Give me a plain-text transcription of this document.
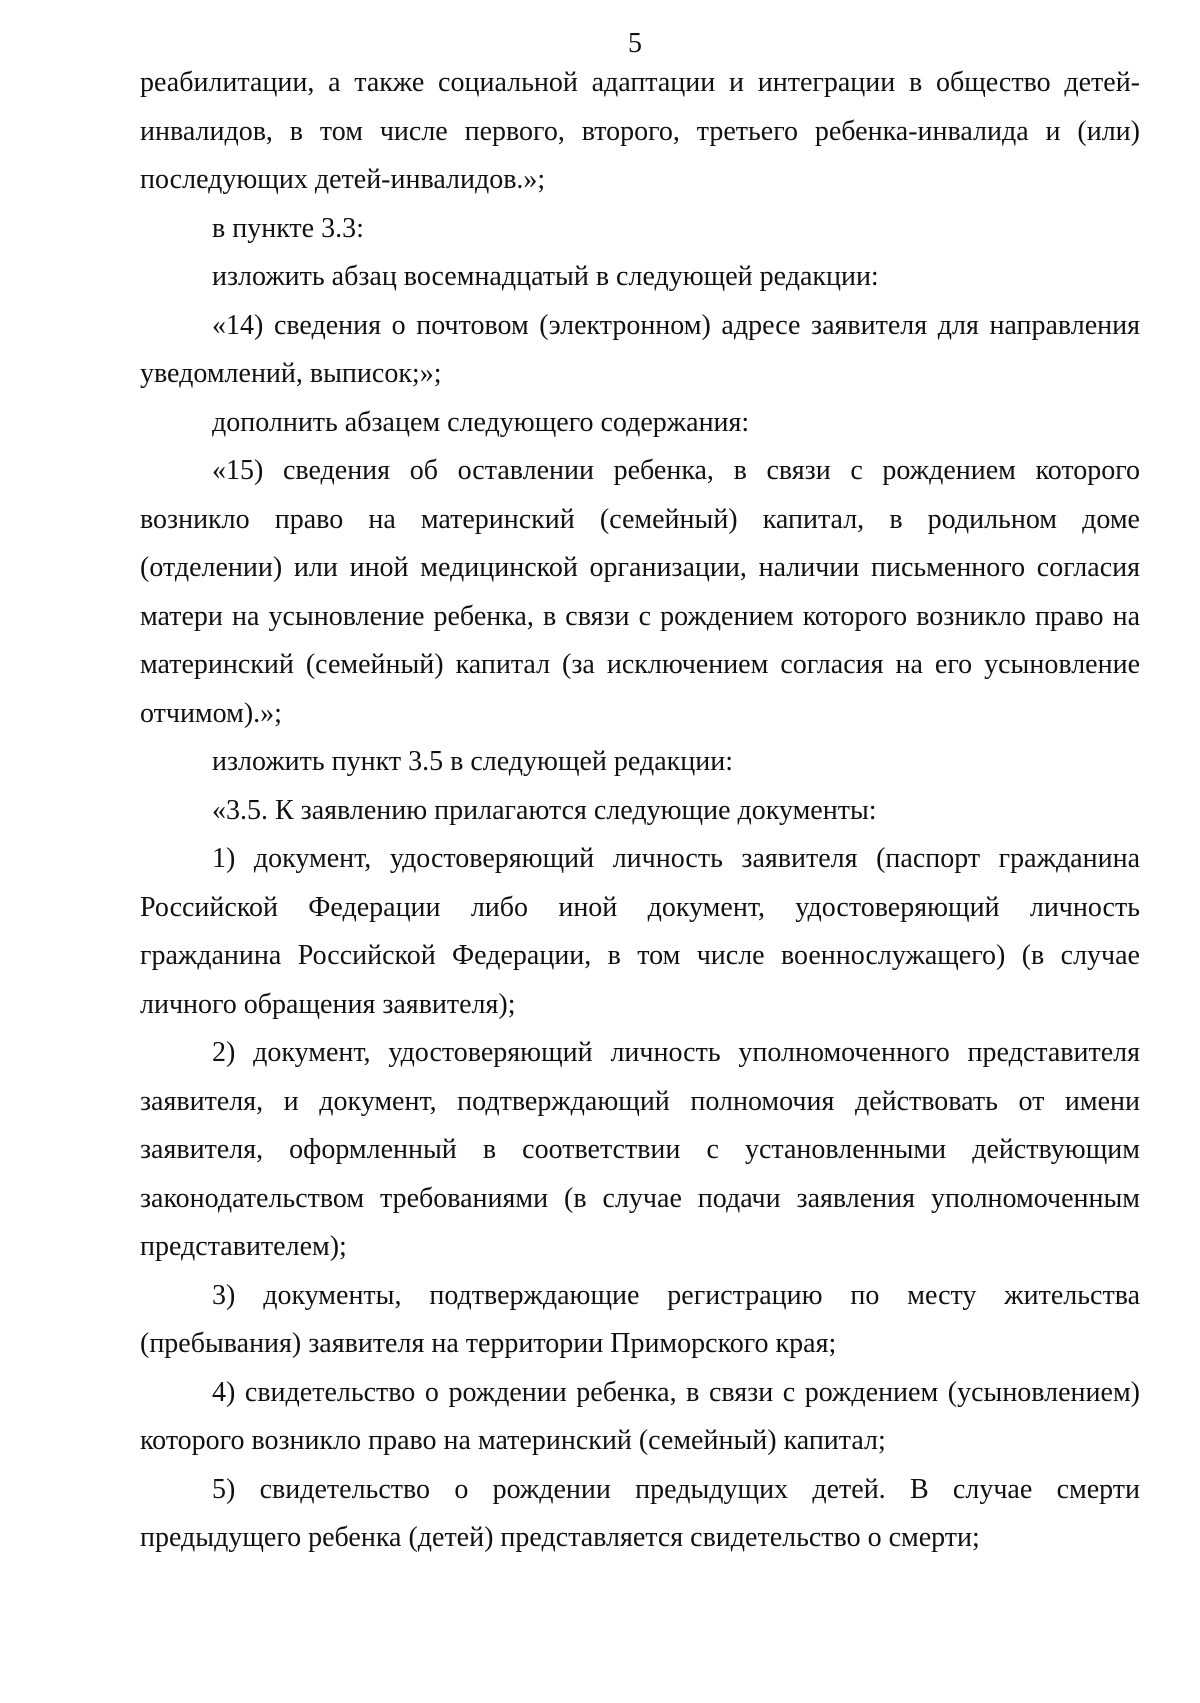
5

реабилитации, а также социальной адаптации и интеграции в общество детей-инвалидов, в том числе первого, второго, третьего ребенка-инвалида и (или) последующих детей-инвалидов.»;

в пункте 3.3:

изложить абзац восемнадцатый в следующей редакции:

«14) сведения о почтовом (электронном) адресе заявителя для направления уведомлений, выписок;»;

дополнить абзацем следующего содержания:

«15) сведения об оставлении ребенка, в связи с рождением которого возникло право на материнский (семейный) капитал, в родильном доме (отделении) или иной медицинской организации, наличии письменного согласия матери на усыновление ребенка, в связи с рождением которого возникло право на материнский (семейный) капитал (за исключением согласия на его усыновление отчимом).»;

изложить пункт 3.5 в следующей редакции:

«3.5. К заявлению прилагаются следующие документы:

1) документ, удостоверяющий личность заявителя (паспорт гражданина Российской Федерации либо иной документ, удостоверяющий личность гражданина Российской Федерации, в том числе военнослужащего) (в случае личного обращения заявителя);

2) документ, удостоверяющий личность уполномоченного представителя заявителя, и документ, подтверждающий полномочия действовать от имени заявителя, оформленный в соответствии с установленными действующим законодательством требованиями (в случае подачи заявления уполномоченным представителем);

3) документы, подтверждающие регистрацию по месту жительства (пребывания) заявителя на территории Приморского края;

4) свидетельство о рождении ребенка, в связи с рождением (усыновлением) которого возникло право на материнский (семейный) капитал;

5) свидетельство о рождении предыдущих детей. В случае смерти предыдущего ребенка (детей) представляется свидетельство о смерти;
